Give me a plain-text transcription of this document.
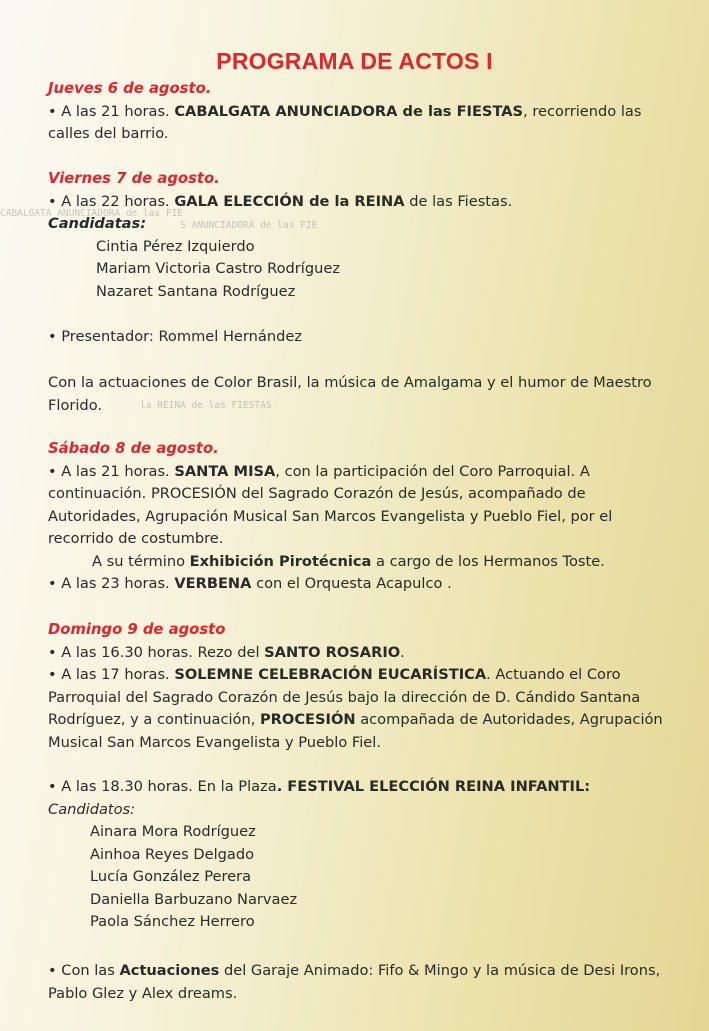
CABALGATA ANUNCIADORA de las FIE
S ANUNCIADORA de las FIE
la REINA de las FIESTAS
PROGRAMA DE ACTOS I
Jueves 6 de agosto.
• A las 21 horas. CABALGATA ANUNCIADORA de las FIESTAS, recorriendo las calles del barrio.
Viernes 7 de agosto.
• A las 22 horas. GALA ELECCIÓN de la REINA de las Fiestas.
Candidatas:
Cintia Pérez Izquierdo
Mariam Victoria Castro Rodríguez
Nazaret Santana Rodríguez
• Presentador: Rommel Hernández
Con la actuaciones de Color Brasil, la música de Amalgama y el humor de Maestro Florido.
Sábado 8 de agosto.
• A las 21 horas. SANTA MISA, con la participación del Coro Parroquial. A continuación. PROCESIÓN del Sagrado Corazón de Jesús, acompañado de Autoridades, Agrupación Musical San Marcos Evangelista y Pueblo Fiel, por el recorrido de costumbre.
A su término Exhibición Pirotécnica a cargo de los Hermanos Toste.
• A las 23 horas. VERBENA con el Orquesta Acapulco .
Domingo 9 de agosto
• A las 16.30 horas. Rezo del SANTO ROSARIO.
• A las 17 horas. SOLEMNE CELEBRACIÓN EUCARÍSTICA. Actuando el Coro Parroquial del Sagrado Corazón de Jesús bajo la dirección de D. Cándido Santana Rodríguez, y a continuación, PROCESIÓN acompañada de Autoridades, Agrupación Musical San Marcos Evangelista y Pueblo Fiel.
• A las 18.30 horas. En la Plaza. FESTIVAL ELECCIÓN REINA INFANTIL:
Candidatos:
Ainara Mora Rodríguez
Ainhoa Reyes Delgado
Lucía González Perera
Daniella Barbuzano Narvaez
Paola Sánchez Herrero
• Con las Actuaciones del Garaje Animado: Fifo & Mingo y la música de Desi Irons, Pablo Glez y Alex dreams.
